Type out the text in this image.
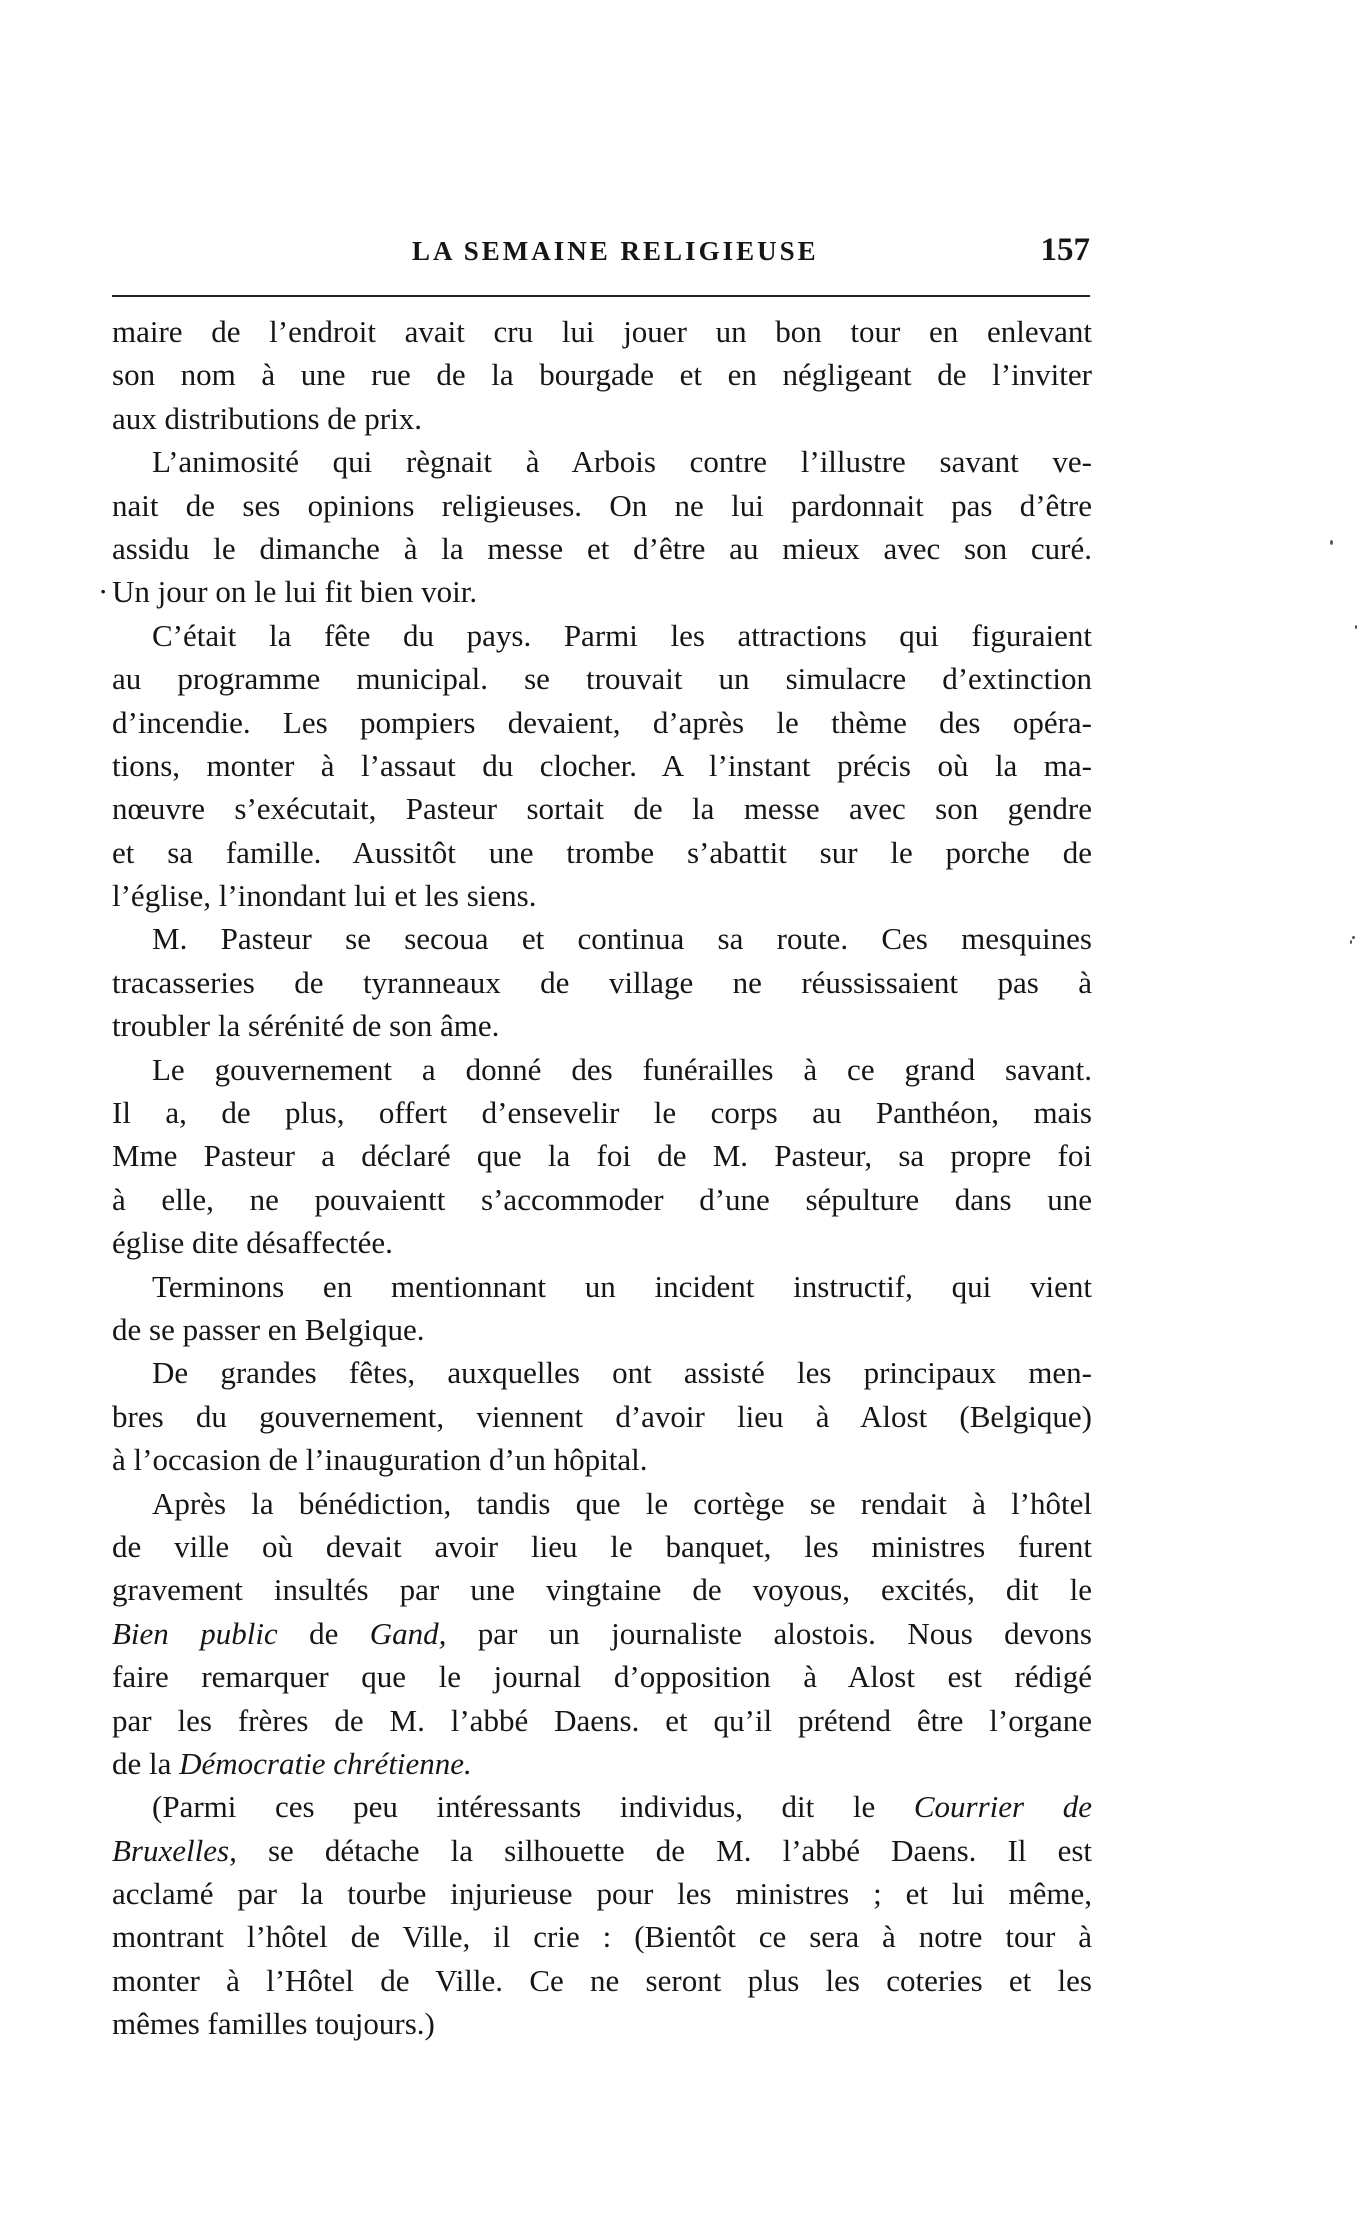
LA SEMAINE RELIGIEUSE	157
maire de l’endroit avait cru lui jouer un bon tour en enlevant
son nom à une rue de la bourgade et en négligeant de l’inviter
aux distributions de prix.
L’animosité qui règnait à Arbois contre l’illustre savant ve-
nait de ses opinions religieuses. On ne lui pardonnait pas d’être
assidu le dimanche à la messe et d’être au mieux avec son curé.
· Un jour on le lui fit bien voir.
C’était la fête du pays. Parmi les attractions qui figuraient
au programme municipal. se trouvait un simulacre d’extinction
d’incendie. Les pompiers devaient, d’après le thème des opéra-
tions, monter à l’assaut du clocher. A l’instant précis où la ma-
nœuvre s’exécutait, Pasteur sortait de la messe avec son gendre
et sa famille. Aussitôt une trombe s’abattit sur le porche de
l’église, l’inondant lui et les siens.
M. Pasteur se secoua et continua sa route. Ces mesquines
tracasseries de tyranneaux de village ne réussissaient pas à
troubler la sérénité de son âme.
Le gouvernement a donné des funérailles à ce grand savant.
Il a, de plus, offert d’ensevelir le corps au Panthéon, mais
Mme Pasteur a déclaré que la foi de M. Pasteur, sa propre foi
à elle, ne pouvaientt s’accommoder d’une sépulture dans une
église dite désaffectée.
Terminons en mentionnant un incident instructif, qui vient
de se passer en Belgique.
De grandes fêtes, auxquelles ont assisté les principaux men-
bres du gouvernement, viennent d’avoir lieu à Alost (Belgique)
à l’occasion de l’inauguration d’un hôpital.
Après la bénédiction, tandis que le cortège se rendait à l’hôtel
de ville où devait avoir lieu le banquet, les ministres furent
gravement insultés par une vingtaine de voyous, excités, dit le
Bien public de Gand, par un journaliste alostois. Nous devons
faire remarquer que le journal d’opposition à Alost est rédigé
par les frères de M. l’abbé Daens. et qu’il prétend être l’organe
de la Démocratie chrétienne.
(Parmi ces peu intéressants individus, dit le Courrier de
Bruxelles, se détache la silhouette de M. l’abbé Daens. Il est
acclamé par la tourbe injurieuse pour les ministres ; et lui même,
montrant l’hôtel de Ville, il crie : (Bientôt ce sera à notre tour à
monter à l’Hôtel de Ville. Ce ne seront plus les coteries et les
mêmes familles toujours.)
